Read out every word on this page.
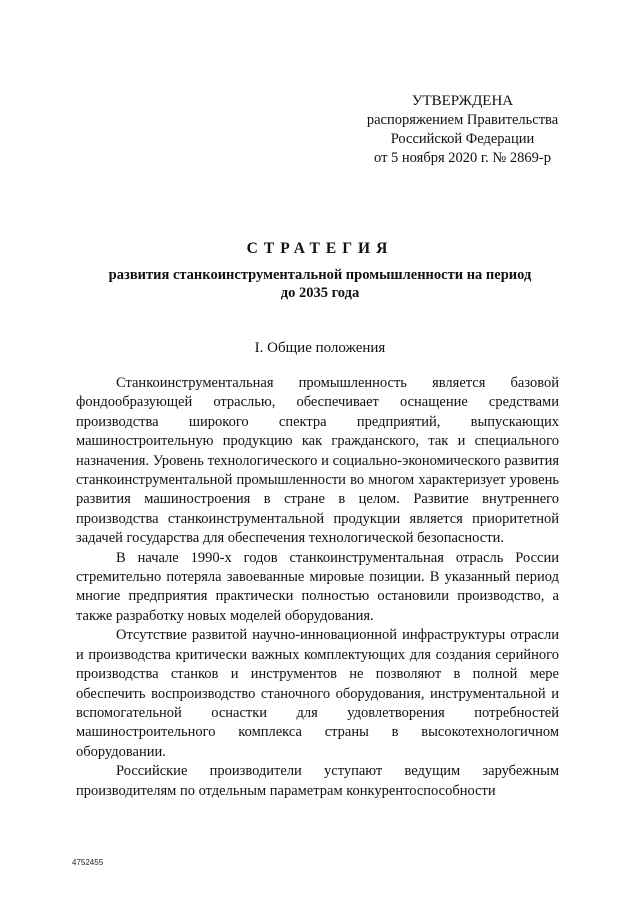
УТВЕРЖДЕНА
распоряжением Правительства
Российской Федерации
от 5 ноября 2020 г. № 2869-р
СТРАТЕГИЯ
развития станкоинструментальной промышленности на период
до 2035 года
I. Общие положения

Станкоинструментальная промышленность является базовой фондообразующей отраслью, обеспечивает оснащение средствами производства широкого спектра предприятий, выпускающих машиностроительную продукцию как гражданского, так и специального назначения. Уровень технологического и социально-экономического развития станкоинструментальной промышленности во многом характеризует уровень развития машиностроения в стране в целом. Развитие внутреннего производства станкоинструментальной продукции является приоритетной задачей государства для обеспечения технологической безопасности.

В начале 1990-х годов станкоинструментальная отрасль России стремительно потеряла завоеванные мировые позиции. В указанный период многие предприятия практически полностью остановили производство, а также разработку новых моделей оборудования.

Отсутствие развитой научно-инновационной инфраструктуры отрасли и производства критически важных комплектующих для создания серийного производства станков и инструментов не позволяют в полной мере обеспечить воспроизводство станочного оборудования, инструментальной и вспомогательной оснастки для удовлетворения потребностей машиностроительного комплекса страны в высокотехнологичном оборудовании.

Российские производители уступают ведущим зарубежным производителям по отдельным параметрам конкурентоспособности

4752455
